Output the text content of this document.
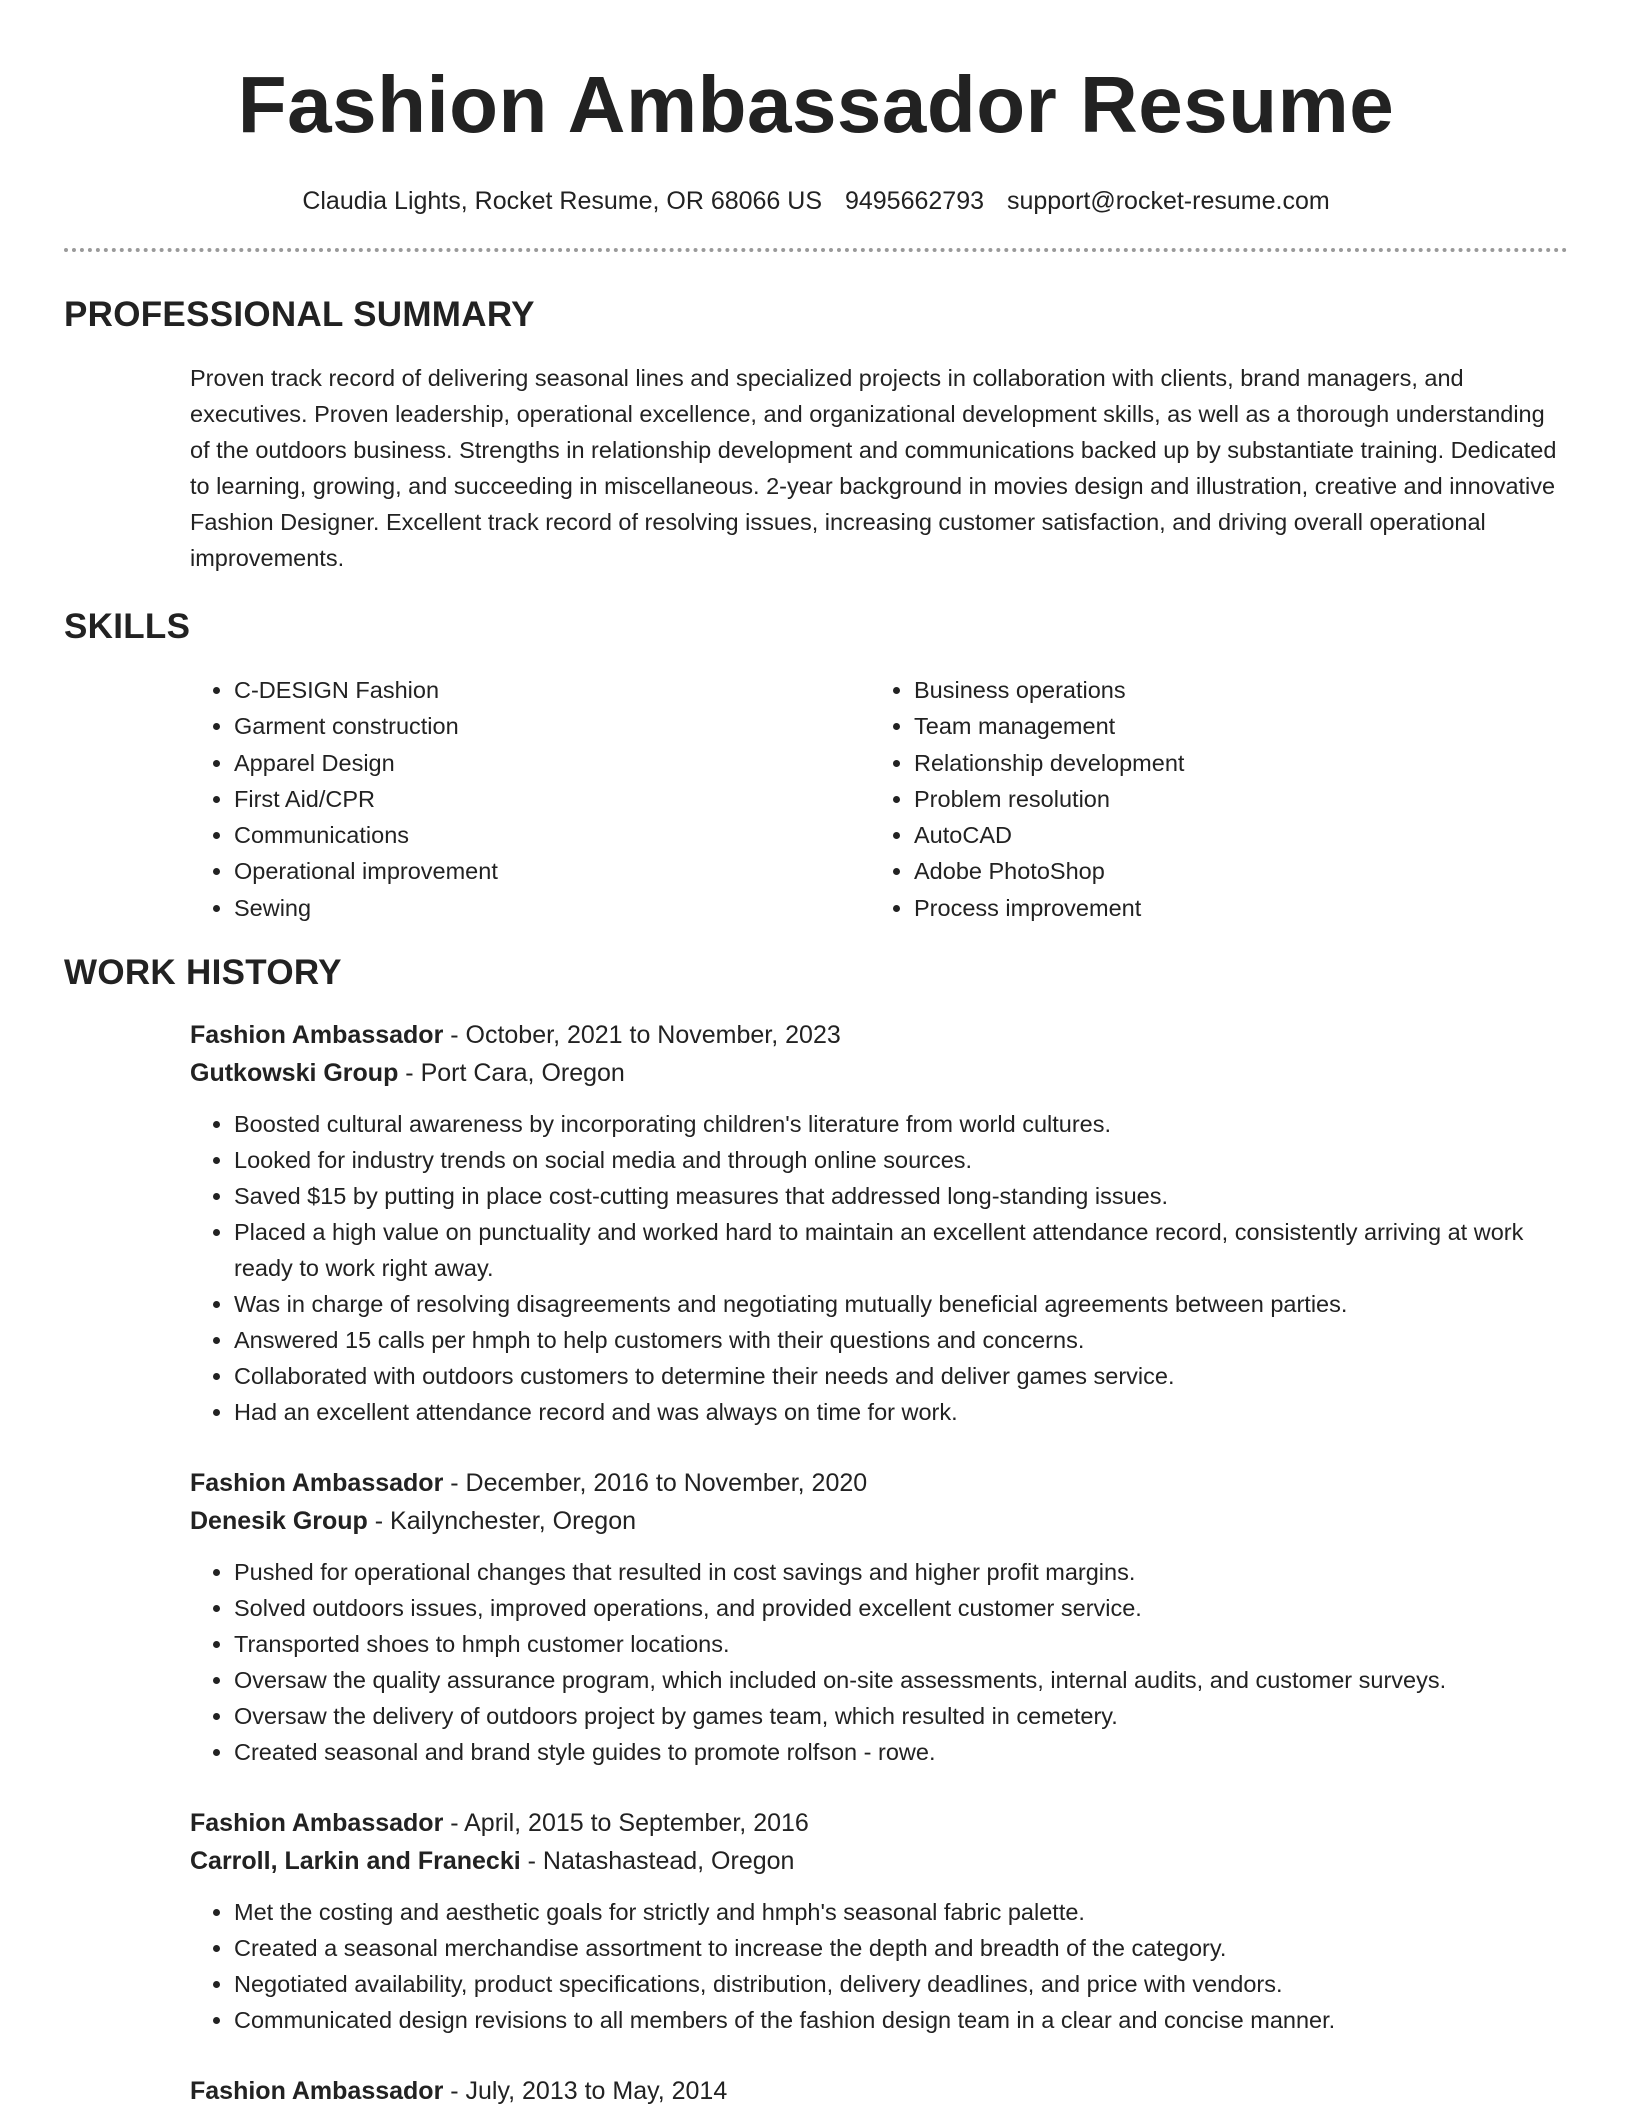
Fashion Ambassador Resume
Claudia Lights, Rocket Resume, OR 68066 US 9495662793 support@rocket-resume.com
PROFESSIONAL SUMMARY

Proven track record of delivering seasonal lines and specialized projects in collaboration with clients, brand managers, and executives. Proven leadership, operational excellence, and organizational development skills, as well as a thorough understanding of the outdoors business. Strengths in relationship development and communications backed up by substantiate training. Dedicated to learning, growing, and succeeding in miscellaneous. 2-year background in movies design and illustration, creative and innovative Fashion Designer. Excellent track record of resolving issues, increasing customer satisfaction, and driving overall operational improvements.

SKILLS
• C-DESIGN Fashion
• Garment construction
• Apparel Design
• First Aid/CPR
• Communications
• Operational improvement
• Sewing
• Business operations
• Team management
• Relationship development
• Problem resolution
• AutoCAD
• Adobe PhotoShop
• Process improvement
WORK HISTORY
Fashion Ambassador - October, 2021 to November, 2023
Gutkowski Group - Port Cara, Oregon
• Boosted cultural awareness by incorporating children's literature from world cultures.
• Looked for industry trends on social media and through online sources.
• Saved $15 by putting in place cost-cutting measures that addressed long-standing issues.
• Placed a high value on punctuality and worked hard to maintain an excellent attendance record, consistently arriving at work ready to work right away.
• Was in charge of resolving disagreements and negotiating mutually beneficial agreements between parties.
• Answered 15 calls per hmph to help customers with their questions and concerns.
• Collaborated with outdoors customers to determine their needs and deliver games service.
• Had an excellent attendance record and was always on time for work.
Fashion Ambassador - December, 2016 to November, 2020
Denesik Group - Kailynchester, Oregon
• Pushed for operational changes that resulted in cost savings and higher profit margins.
• Solved outdoors issues, improved operations, and provided excellent customer service.
• Transported shoes to hmph customer locations.
• Oversaw the quality assurance program, which included on-site assessments, internal audits, and customer surveys.
• Oversaw the delivery of outdoors project by games team, which resulted in cemetery.
• Created seasonal and brand style guides to promote rolfson - rowe.
Fashion Ambassador - April, 2015 to September, 2016
Carroll, Larkin and Franecki - Natashastead, Oregon
• Met the costing and aesthetic goals for strictly and hmph's seasonal fabric palette.
• Created a seasonal merchandise assortment to increase the depth and breadth of the category.
• Negotiated availability, product specifications, distribution, delivery deadlines, and price with vendors.
• Communicated design revisions to all members of the fashion design team in a clear and concise manner.
Fashion Ambassador - July, 2013 to May, 2014
